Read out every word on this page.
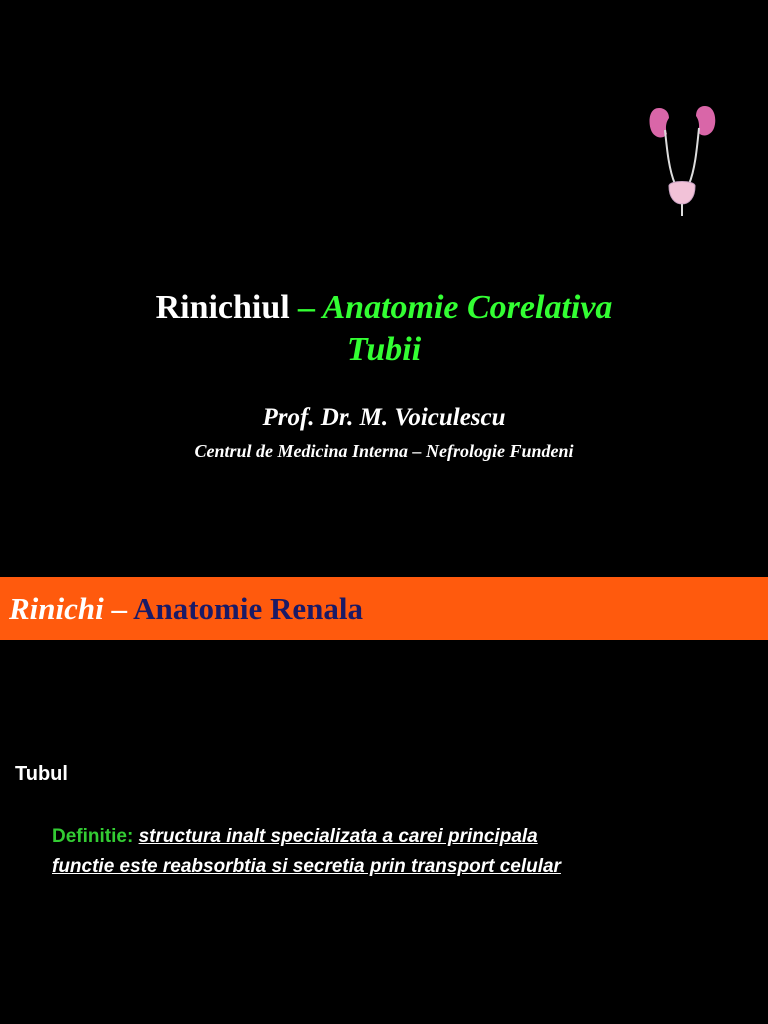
Rinichiul – Anatomie Corelativa
Tubii
Prof. Dr. M. Voiculescu
Centrul de Medicina Interna – Nefrologie Fundeni
Rinichi – Anatomie Renala
Tubul
Definitie: structura inalt specializata a carei principala
functie este reabsorbtia si secretia prin transport celular
